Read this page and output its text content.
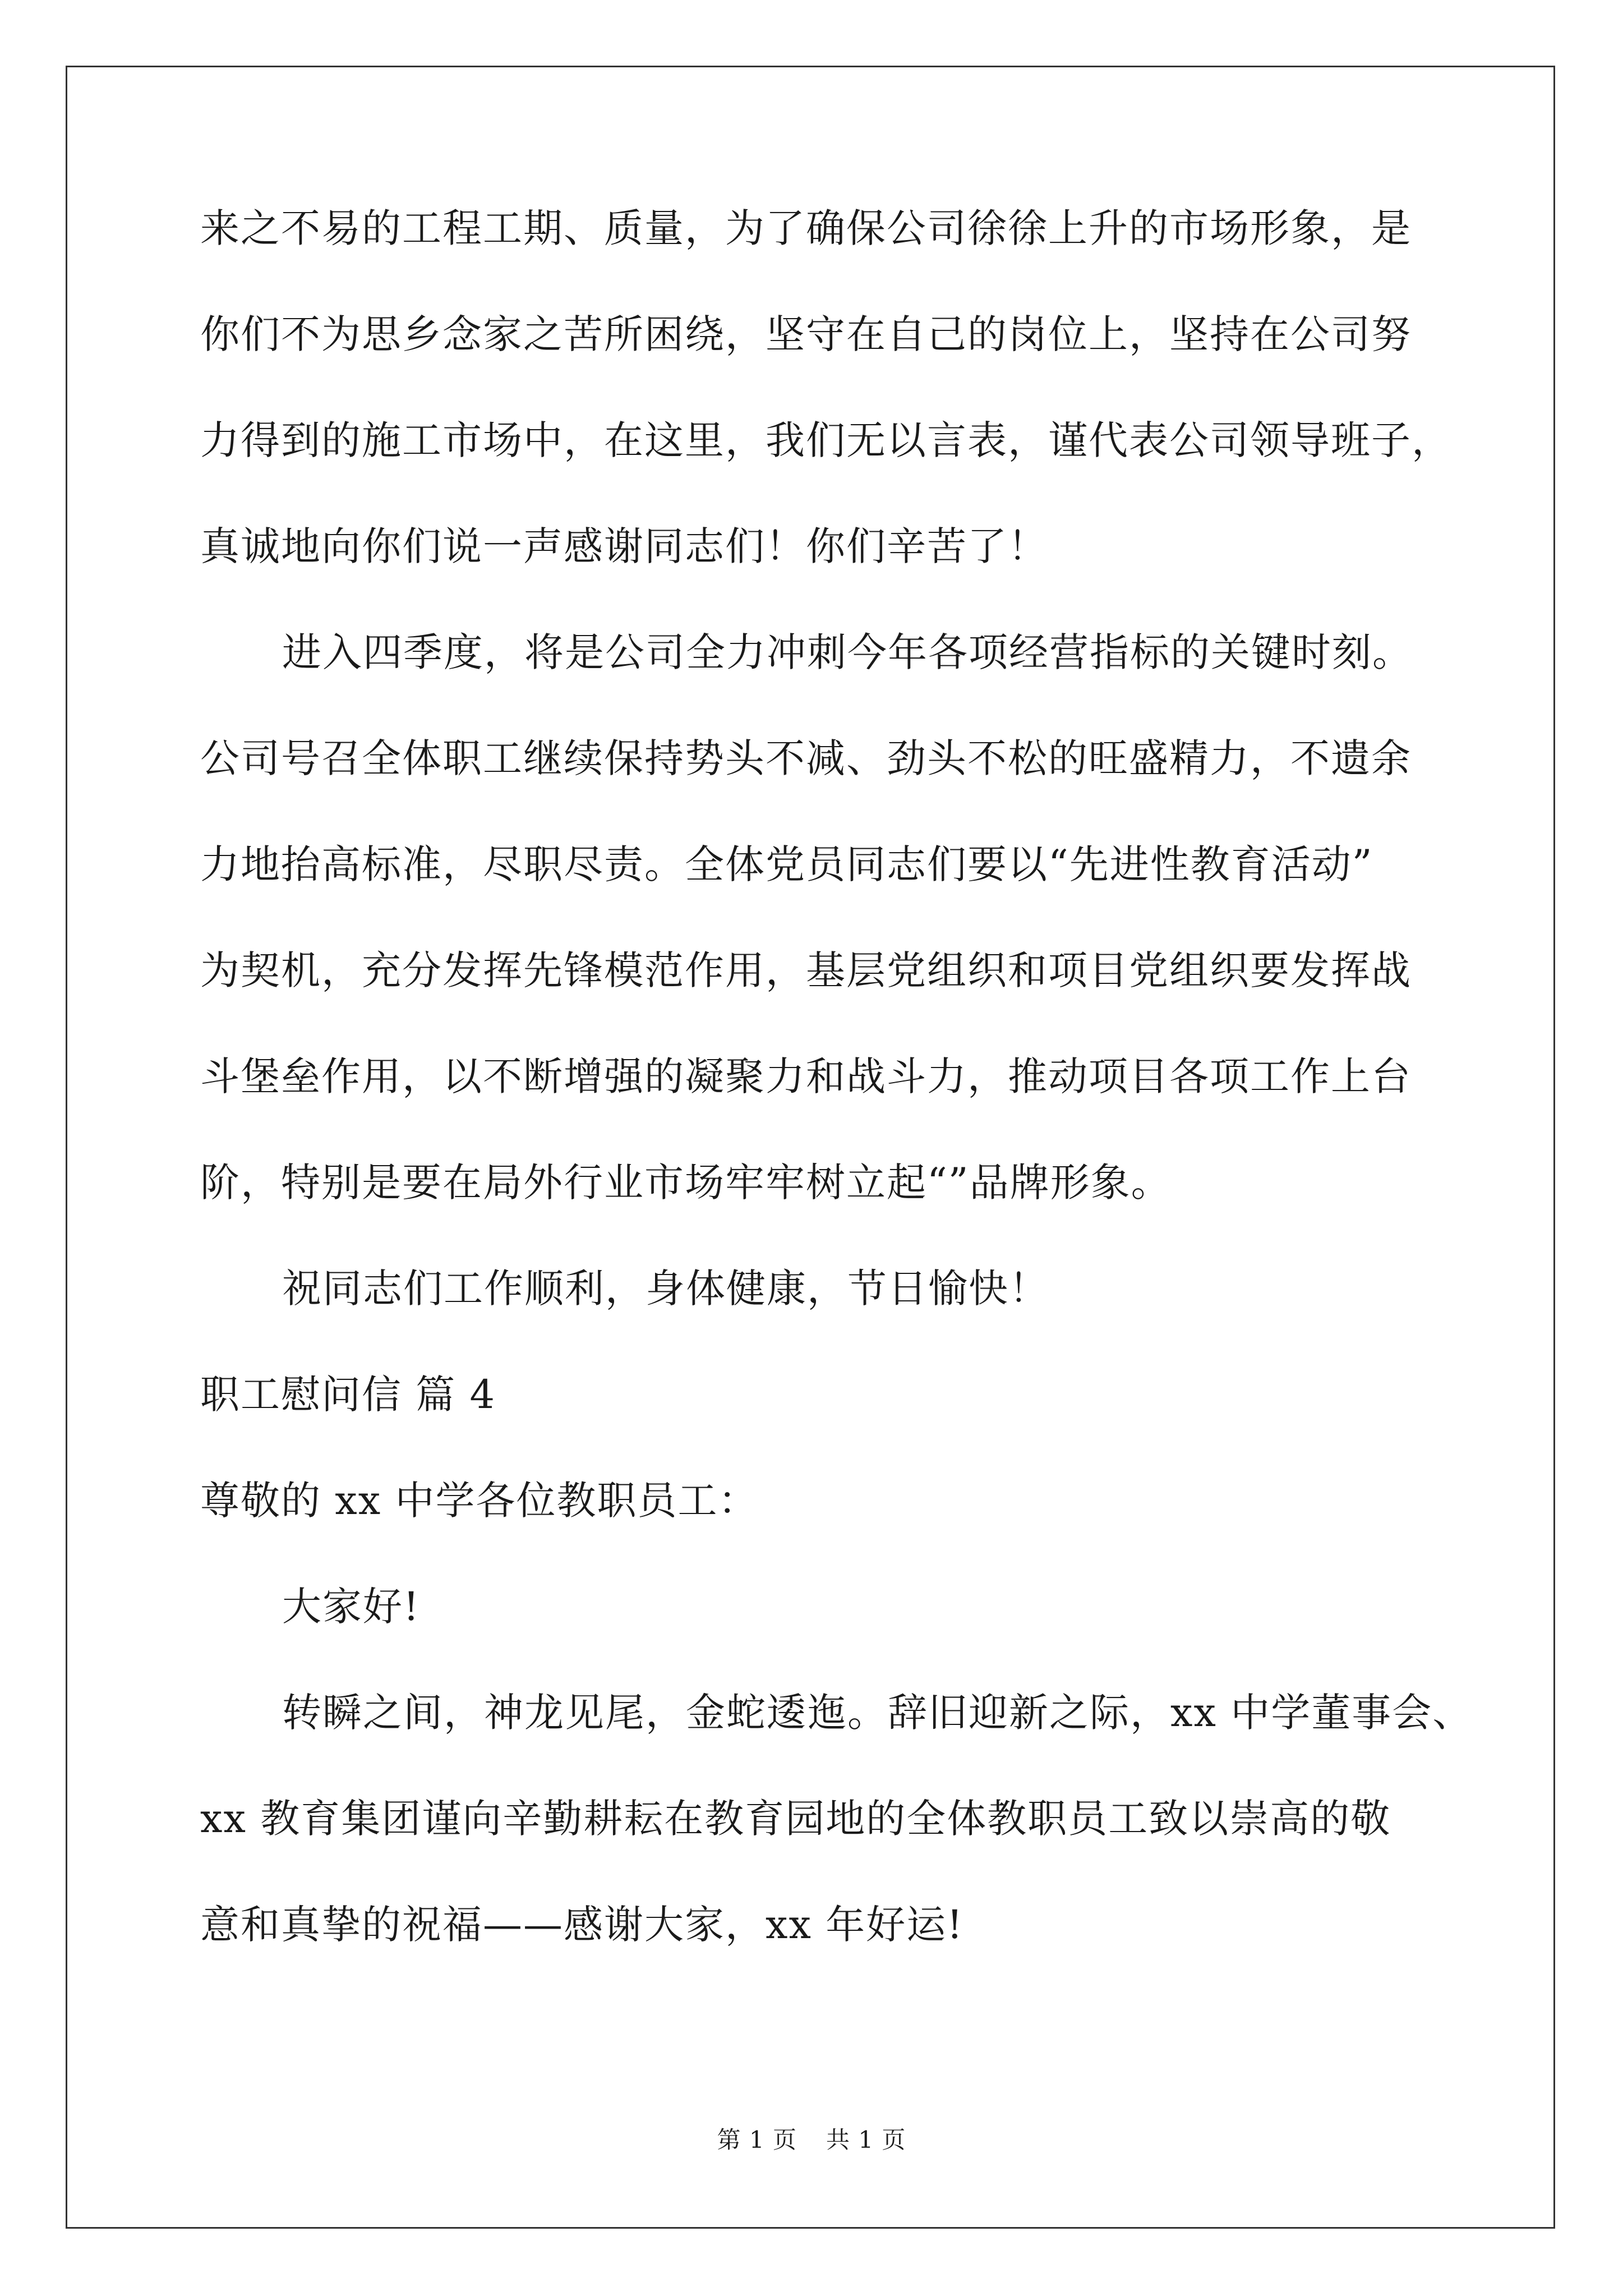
来之不易的工程工期、质量，为了确保公司徐徐上升的市场形象，是
你们不为思乡念家之苦所困绕，坚守在自己的岗位上，坚持在公司努
力得到的施工市场中，在这里，我们无以言表，谨代表公司领导班子，
真诚地向你们说一声感谢同志们！你们辛苦了！
进入四季度，将是公司全力冲刺今年各项经营指标的关键时刻。
公司号召全体职工继续保持势头不减、劲头不松的旺盛精力，不遗余
力地抬高标准，尽职尽责。全体党员同志们要以“先进性教育活动”
为契机，充分发挥先锋模范作用，基层党组织和项目党组织要发挥战
斗堡垒作用，以不断增强的凝聚力和战斗力，推动项目各项工作上台
阶，特别是要在局外行业市场牢牢树立起“”品牌形象。
祝同志们工作顺利，身体健康，节日愉快！
职工慰问信 篇 4
尊敬的 xx 中学各位教职员工：
大家好!
转瞬之间，神龙见尾，金蛇逶迤。辞旧迎新之际，xx 中学董事会、
xx 教育集团谨向辛勤耕耘在教育园地的全体教职员工致以崇高的敬
意和真挚的祝福——感谢大家，xx 年好运!
第 1 页 共 1 页
